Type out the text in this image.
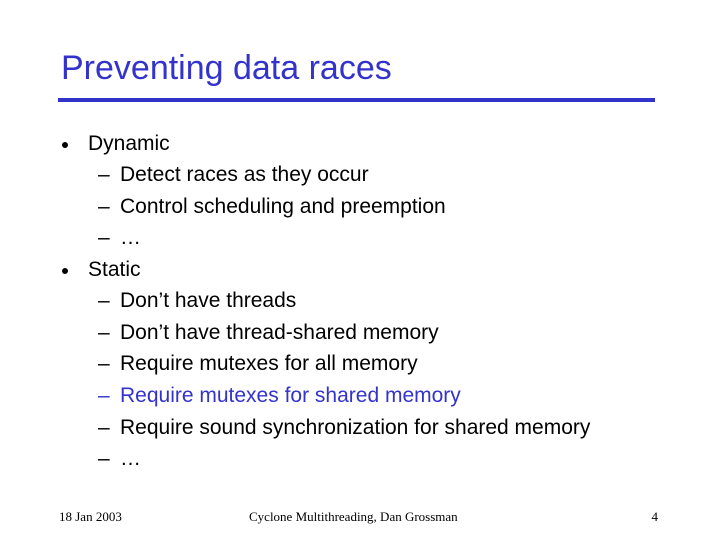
Preventing data races
Dynamic
– Detect races as they occur
– Control scheduling and preemption
– …
Static
– Don’t have threads
– Don’t have thread-shared memory
– Require mutexes for all memory
– Require mutexes for shared memory
– Require sound synchronization for shared memory
– …
18 Jan 2003	Cyclone Multithreading, Dan Grossman	4
